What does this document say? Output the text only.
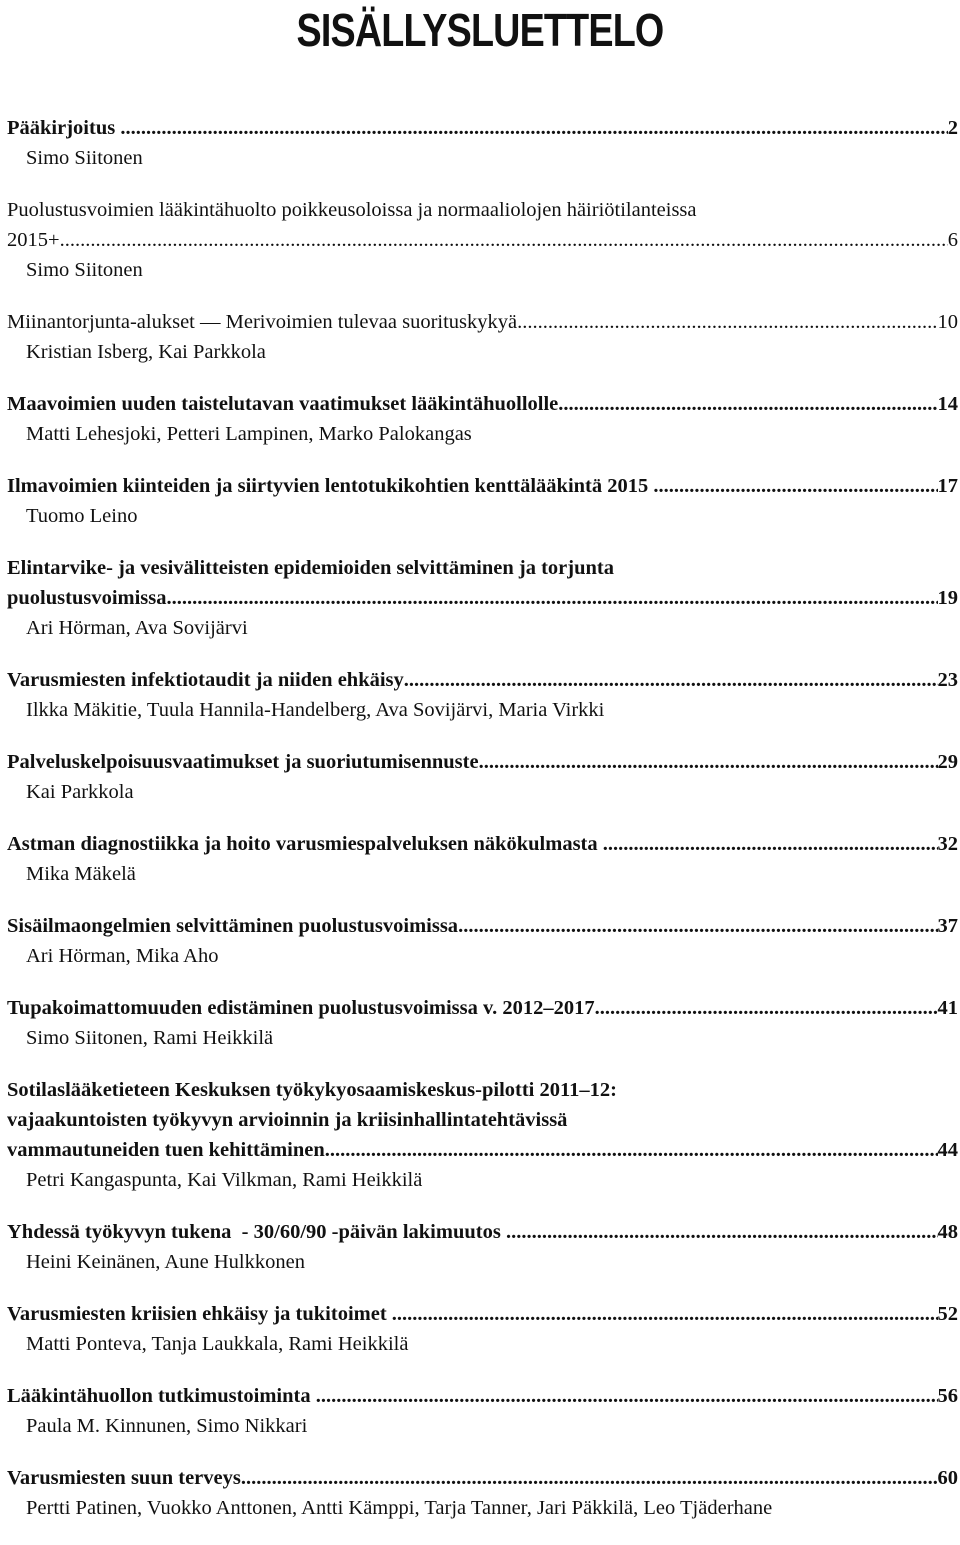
SISÄLLYSLUETTELO
Pääkirjoitus .....	2
Simo Siitonen
Puolustusvoimien lääkintähuolto poikkeusoloissa ja normaaliolojen häiriötilanteissa
2015+ .....	6
Simo Siitonen
Miinantorjunta-alukset — Merivoimien tulevaa suorituskykyä .....	10
Kristian Isberg, Kai Parkkola
Maavoimien uuden taistelutavan vaatimukset lääkintähuollolle .....	14
Matti Lehesjoki, Petteri Lampinen, Marko Palokangas
Ilmavoimien kiinteiden ja siirtyvien lentotukikohtien kenttälääkintä 2015 .....	17
Tuomo Leino
Elintarvike- ja vesivälitteisten epidemioiden selvittäminen ja torjunta
puolustusvoimissa .....	19
Ari Hörman, Ava Sovijärvi
Varusmiesten infektiotaudit ja niiden ehkäisy .....	23
Ilkka Mäkitie, Tuula Hannila-Handelberg, Ava Sovijärvi, Maria Virkki
Palveluskelpoisuusvaatimukset ja suoriutumisennuste .....	29
Kai Parkkola
Astman diagnostiikka ja hoito varusmiespalveluksen näkökulmasta .....	32
Mika Mäkelä
Sisäilmaongelmien selvittäminen puolustusvoimissa .....	37
Ari Hörman, Mika Aho
Tupakoimattomuuden edistäminen puolustusvoimissa v. 2012–2017 .....	41
Simo Siitonen, Rami Heikkilä
Sotilaslääketieteen Keskuksen työkykyosaamiskeskus-pilotti 2011–12:
vajaakuntoisten työkyvyn arvioinnin ja kriisinhallintatehtävissä
vammautuneiden tuen kehittäminen .....	44
Petri Kangaspunta, Kai Vilkman, Rami Heikkilä
Yhdessä työkyvyn tukena  - 30/60/90 -päivän lakimuutos .....	48
Heini Keinänen, Aune Hulkkonen
Varusmiesten kriisien ehkäisy ja tukitoimet .....	52
Matti Ponteva, Tanja Laukkala, Rami Heikkilä
Lääkintähuollon tutkimustoiminta .....	56
Paula M. Kinnunen, Simo Nikkari
Varusmiesten suun terveys .....	60
Pertti Patinen, Vuokko Anttonen, Antti Kämppi, Tarja Tanner, Jari Päkkilä, Leo Tjäderhane
